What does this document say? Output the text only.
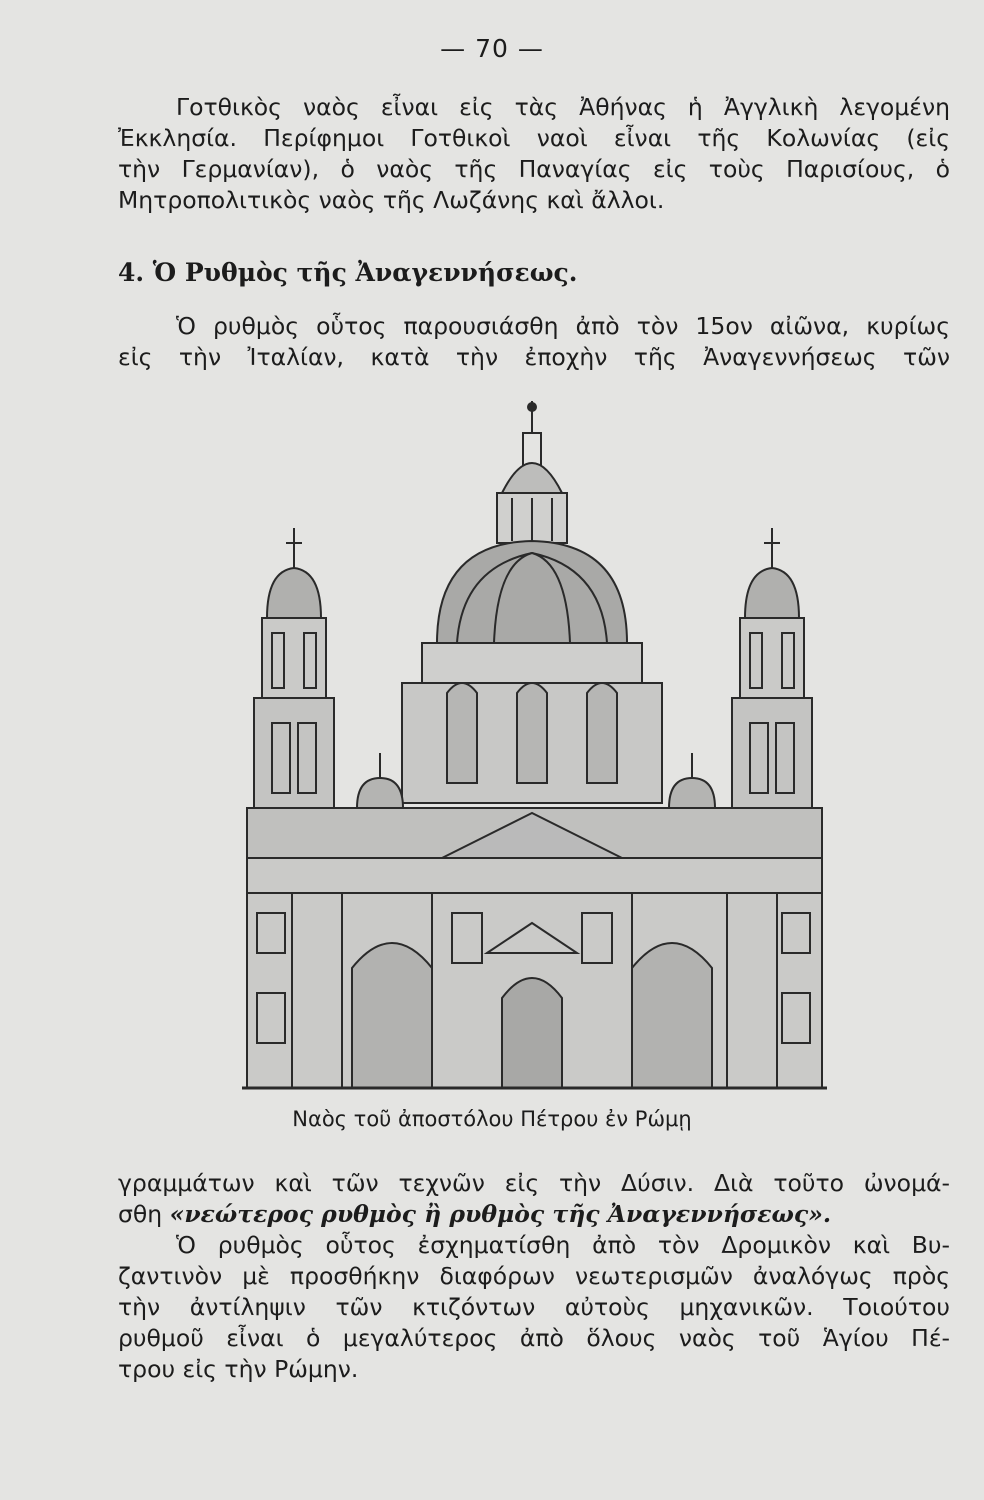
— 70 —
Γοτθικὸς ναὸς εἶναι εἰς τὰς Ἀθήνας ἡ Ἀγγλικὴ λεγομένη
Ἐκκλησία. Περίφημοι Γοτθικοὶ ναοὶ εἶναι τῆς Κολωνίας (εἰς
τὴν Γερμανίαν), ὁ ναὸς τῆς Παναγίας εἰς τοὺς Παρισίους, ὁ
Μητροπολιτικὸς ναὸς τῆς Λωζάνης καὶ ἄλλοι.
4. Ὁ Ρυθμὸς τῆς Ἀναγεννήσεως.
Ὁ ρυθμὸς οὗτος παρουσιάσθη ἀπὸ τὸν 15ον αἰῶνα, κυρίως
εἰς τὴν Ἰταλίαν, κατὰ τὴν ἐποχὴν τῆς Ἀναγεννήσεως τῶν
Ναὸς τοῦ ἀποστόλου Πέτρου ἐν Ρώμῃ
γραμμάτων καὶ τῶν τεχνῶν εἰς τὴν Δύσιν. Διὰ τοῦτο ὠνομά-
σθη «νεώτερος ρυθμὸς ἢ ρυθμὸς τῆς Ἀναγεννήσεως».
Ὁ ρυθμὸς οὗτος ἐσχηματίσθη ἀπὸ τὸν Δρομικὸν καὶ Βυ-
ζαντινὸν μὲ προσθήκην διαφόρων νεωτερισμῶν ἀναλόγως πρὸς
τὴν ἀντίληψιν τῶν κτιζόντων αὐτοὺς μηχανικῶν. Τοιούτου
ρυθμοῦ εἶναι ὁ μεγαλύτερος ἀπὸ ὅλους ναὸς τοῦ Ἁγίου Πέ-
τρου εἰς τὴν Ρώμην.
